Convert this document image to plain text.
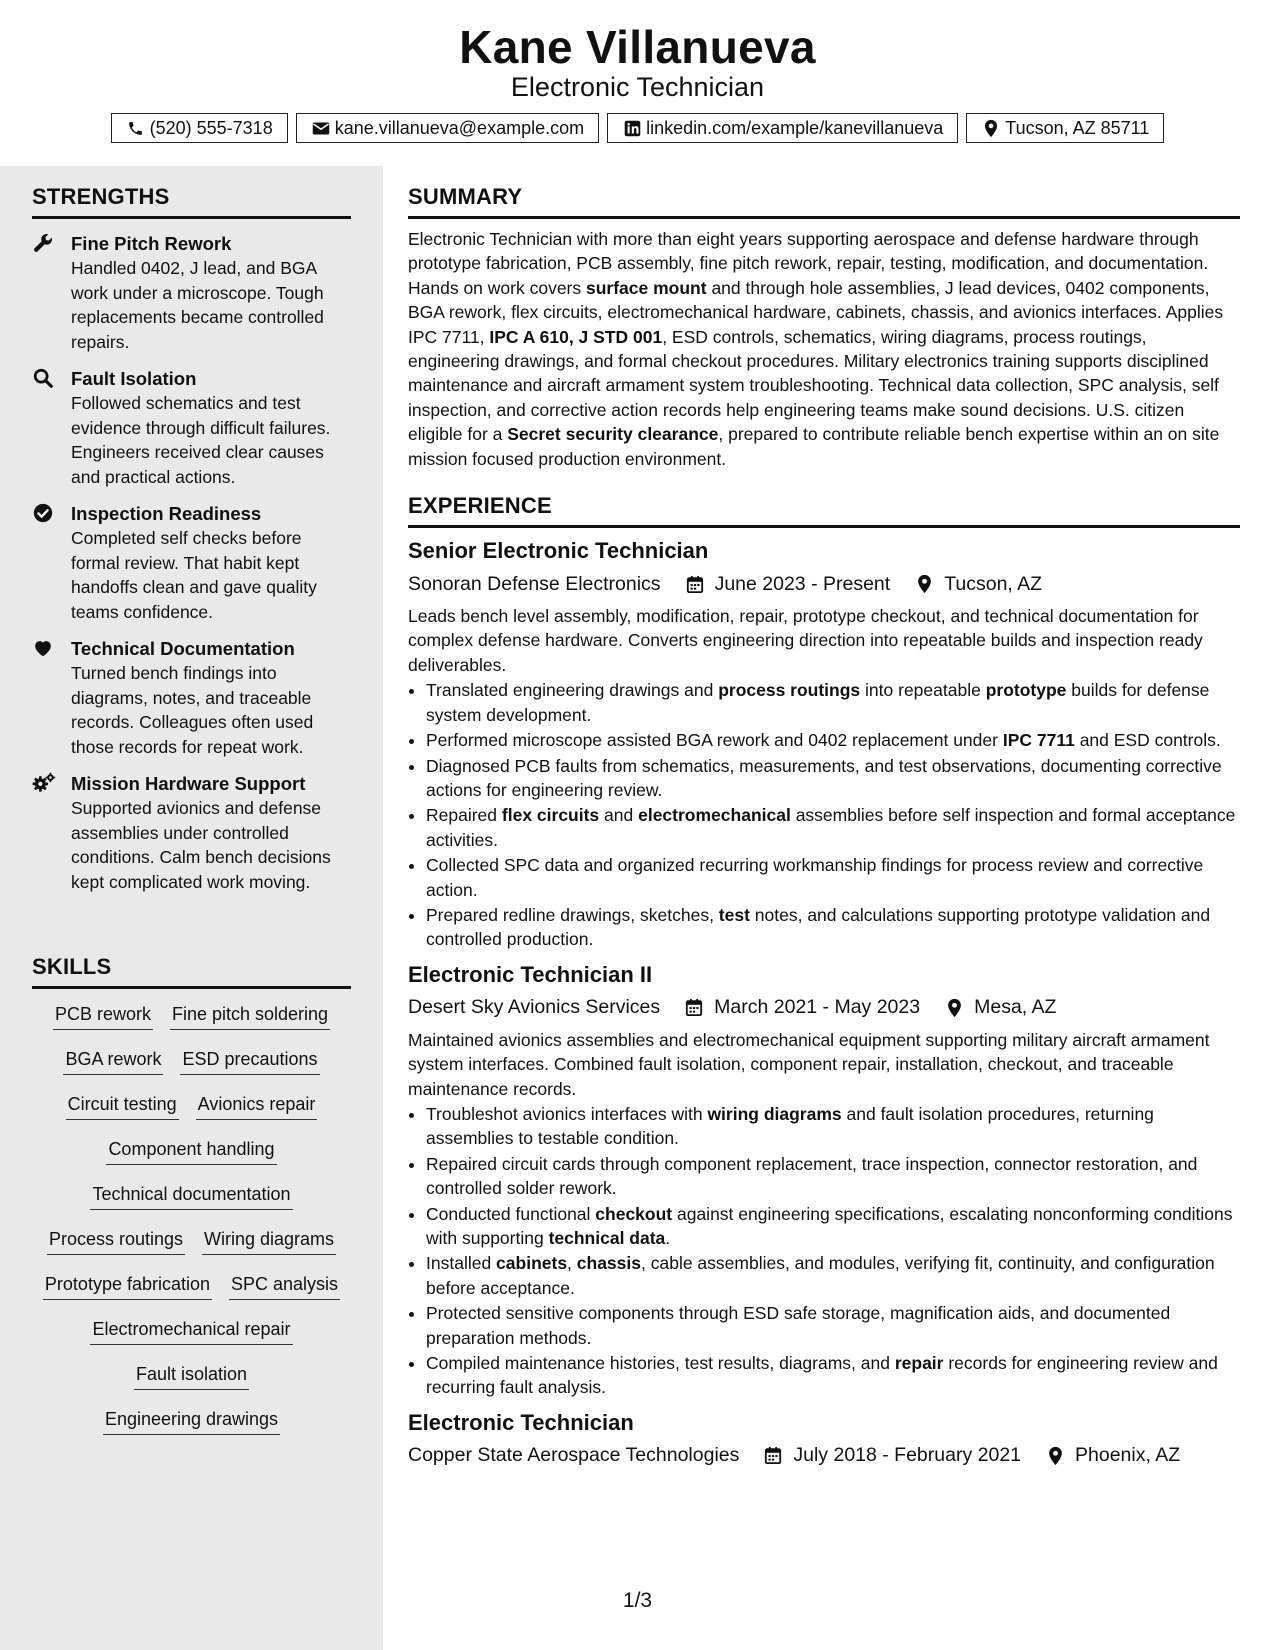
Kane Villanueva
Electronic Technician
(520) 555-7318	kane.villanueva@example.com	linkedin.com/example/kanevillanueva	Tucson, AZ 85711
STRENGTHS
Fine Pitch Rework
Handled 0402, J lead, and BGA work under a microscope. Tough replacements became controlled repairs.
Fault Isolation
Followed schematics and test evidence through difficult failures. Engineers received clear causes and practical actions.
Inspection Readiness
Completed self checks before formal review. That habit kept handoffs clean and gave quality teams confidence.
Technical Documentation
Turned bench findings into diagrams, notes, and traceable records. Colleagues often used those records for repeat work.
Mission Hardware Support
Supported avionics and defense assemblies under controlled conditions. Calm bench decisions kept complicated work moving.
SKILLS
PCB rework Fine pitch soldering
BGA rework ESD precautions
Circuit testing Avionics repair
Component handling
Technical documentation
Process routings Wiring diagrams
Prototype fabrication SPC analysis
Electromechanical repair
Fault isolation
Engineering drawings
SUMMARY
Electronic Technician with more than eight years supporting aerospace and defense hardware through prototype fabrication, PCB assembly, fine pitch rework, repair, testing, modification, and documentation. Hands on work covers surface mount and through hole assemblies, J lead devices, 0402 components, BGA rework, flex circuits, electromechanical hardware, cabinets, chassis, and avionics interfaces. Applies IPC 7711, IPC A 610, J STD 001, ESD controls, schematics, wiring diagrams, process routings, engineering drawings, and formal checkout procedures. Military electronics training supports disciplined maintenance and aircraft armament system troubleshooting. Technical data collection, SPC analysis, self inspection, and corrective action records help engineering teams make sound decisions. U.S. citizen eligible for a Secret security clearance, prepared to contribute reliable bench expertise within an on site mission focused production environment.
EXPERIENCE
Senior Electronic Technician
Sonoran Defense Electronics	June 2023 - Present	Tucson, AZ
Leads bench level assembly, modification, repair, prototype checkout, and technical documentation for complex defense hardware. Converts engineering direction into repeatable builds and inspection ready deliverables.
• Translated engineering drawings and process routings into repeatable prototype builds for defense system development.
• Performed microscope assisted BGA rework and 0402 replacement under IPC 7711 and ESD controls.
• Diagnosed PCB faults from schematics, measurements, and test observations, documenting corrective actions for engineering review.
• Repaired flex circuits and electromechanical assemblies before self inspection and formal acceptance activities.
• Collected SPC data and organized recurring workmanship findings for process review and corrective action.
• Prepared redline drawings, sketches, test notes, and calculations supporting prototype validation and controlled production.
Electronic Technician II
Desert Sky Avionics Services	March 2021 - May 2023	Mesa, AZ
Maintained avionics assemblies and electromechanical equipment supporting military aircraft armament system interfaces. Combined fault isolation, component repair, installation, checkout, and traceable maintenance records.
• Troubleshot avionics interfaces with wiring diagrams and fault isolation procedures, returning assemblies to testable condition.
• Repaired circuit cards through component replacement, trace inspection, connector restoration, and controlled solder rework.
• Conducted functional checkout against engineering specifications, escalating nonconforming conditions with supporting technical data.
• Installed cabinets, chassis, cable assemblies, and modules, verifying fit, continuity, and configuration before acceptance.
• Protected sensitive components through ESD safe storage, magnification aids, and documented preparation methods.
• Compiled maintenance histories, test results, diagrams, and repair records for engineering review and recurring fault analysis.
Electronic Technician
Copper State Aerospace Technologies	July 2018 - February 2021	Phoenix, AZ
1/3
